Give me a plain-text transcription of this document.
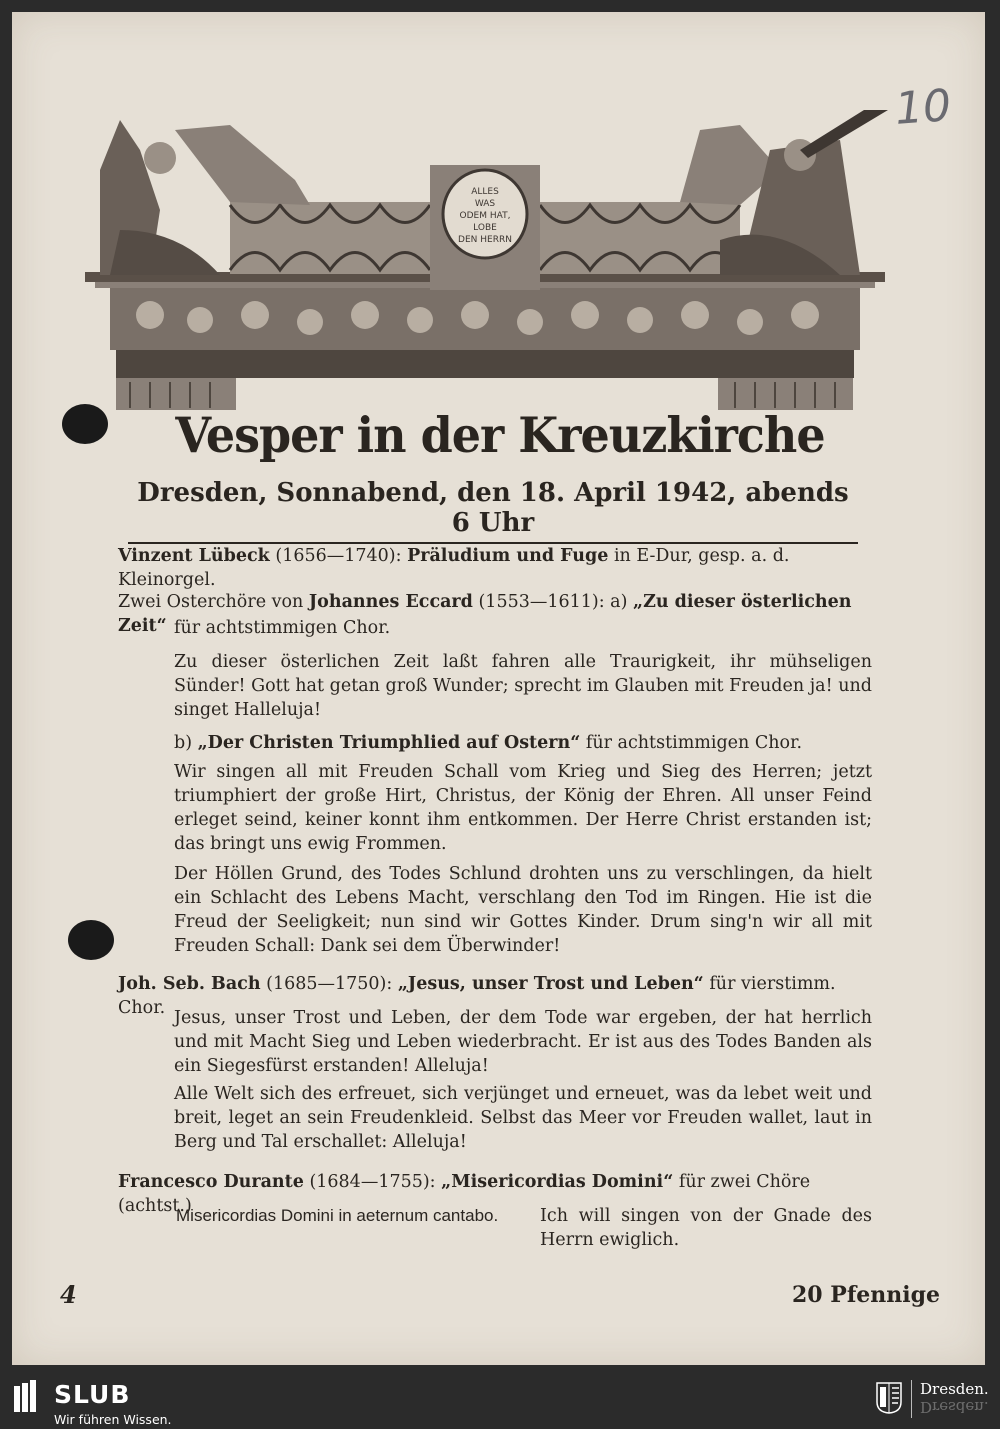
ALLES
WAS
ODEM HAT,
LOBE
DEN HERRN
10
Vesper in der Kreuzkirche
Dresden, Sonnabend, den 18. April 1942, abends 6 Uhr

Vinzent Lübeck (1656—1740): Präludium und Fuge in E-Dur, gesp. a. d. Kleinorgel.

Zwei Osterchöre von Johannes Eccard (1553—1611): a) „Zu dieser österlichen Zeit“ für achtstimmigen Chor.

Zu dieser österlichen Zeit laßt fahren alle Traurigkeit, ihr mühseligen Sünder! Gott hat getan groß Wunder; sprecht im Glauben mit Freuden ja! und singet Halleluja!

b) „Der Christen Triumphlied auf Ostern“ für achtstimmigen Chor.

Wir singen all mit Freuden Schall vom Krieg und Sieg des Herren; jetzt triumphiert der große Hirt, Christus, der König der Ehren. All unser Feind erleget seind, keiner konnt ihm entkommen. Der Herre Christ erstanden ist; das bringt uns ewig Frommen.

Der Höllen Grund, des Todes Schlund drohten uns zu verschlingen, da hielt ein Schlacht des Lebens Macht, verschlang den Tod im Ringen. Hie ist die Freud der Seeligkeit; nun sind wir Gottes Kinder. Drum sing'n wir all mit Freuden Schall: Dank sei dem Überwinder!

Joh. Seb. Bach (1685—1750): „Jesus, unser Trost und Leben“ für vierstimm. Chor. Jesus, unser Trost und Leben, der dem Tode war ergeben, der hat herrlich und mit Macht Sieg und Leben wiederbracht. Er ist aus des Todes Banden als ein Siegesfürst erstanden! Alleluja!

Alle Welt sich des erfreuet, sich verjünget und erneuet, was da lebet weit und breit, leget an sein Freudenkleid. Selbst das Meer vor Freuden wallet, laut in Berg und Tal erschallet: Alleluja!

Francesco Durante (1684—1755): „Misericordias Domini“ für zwei Chöre (achtst.)

Misericordias Domini in aeternum cantabo.	Ich will singen von der Gnade des Herrn ewiglich.

4	20 Pfennige
SLUB
Wir führen Wissen.
Dresden.
Dresden.
